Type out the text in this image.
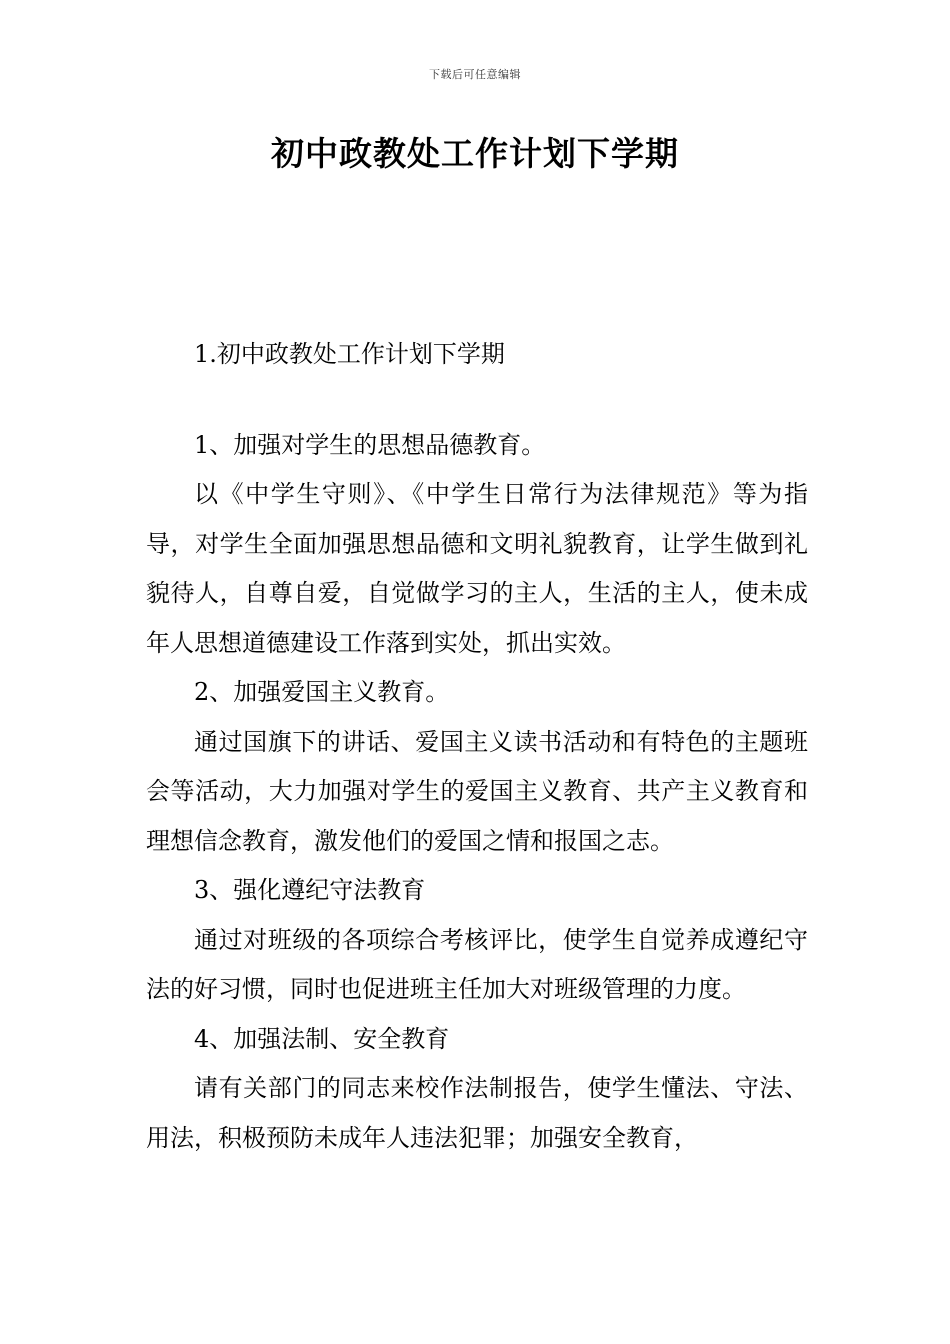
下载后可任意编辑
初中政教处工作计划下学期

1.初中政教处工作计划下学期

1、加强对学生的思想品德教育。

以《中学生守则》、《中学生日常行为法律规范》等为指导，对学生全面加强思想品德和文明礼貌教育，让学生做到礼貌待人，自尊自爱，自觉做学习的主人，生活的主人，使未成年人思想道德建设工作落到实处，抓出实效。

2、加强爱国主义教育。

通过国旗下的讲话、爱国主义读书活动和有特色的主题班会等活动，大力加强对学生的爱国主义教育、共产主义教育和理想信念教育，激发他们的爱国之情和报国之志。

3、强化遵纪守法教育

通过对班级的各项综合考核评比，使学生自觉养成遵纪守法的好习惯，同时也促进班主任加大对班级管理的力度。

4、加强法制、安全教育

请有关部门的同志来校作法制报告，使学生懂法、守法、用法，积极预防未成年人违法犯罪；加强安全教育，
